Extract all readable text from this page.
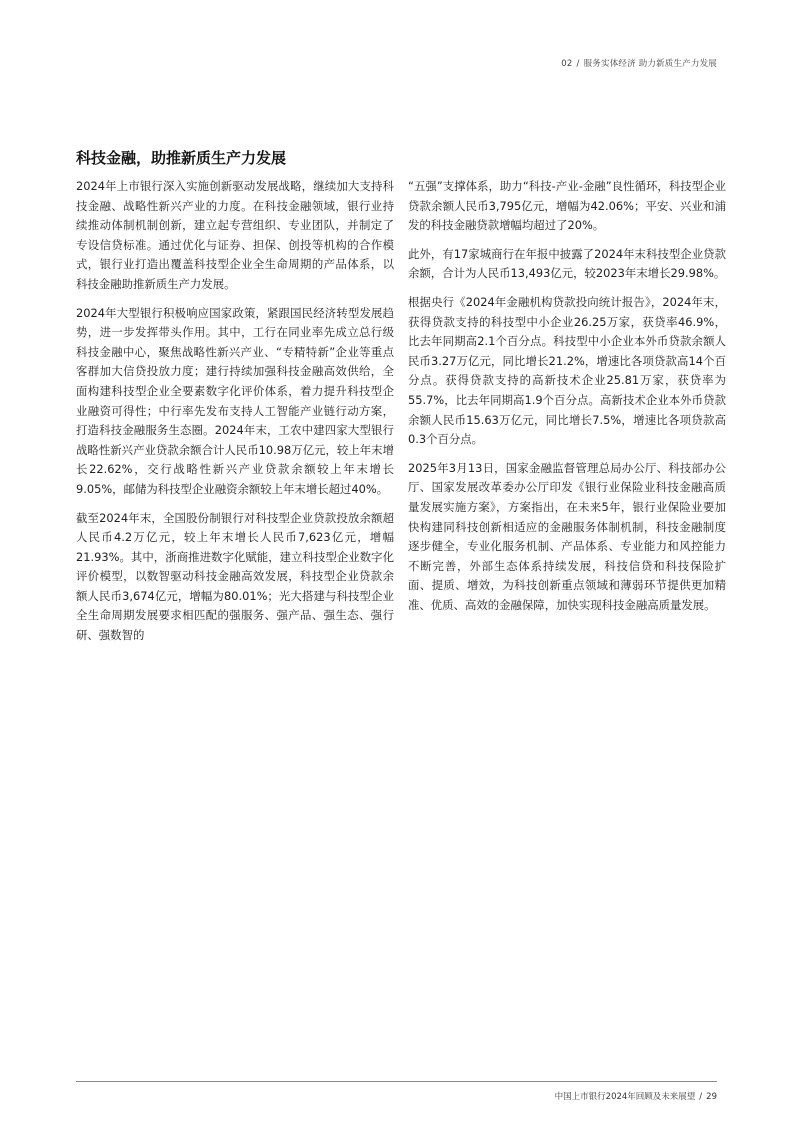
02 / 服务实体经济 助力新质生产力发展
科技金融，助推新质生产力发展

2024年上市银行深入实施创新驱动发展战略，继续加大支持科技金融、战略性新兴产业的力度。在科技金融领域，银行业持续推动体制机制创新，建立起专营组织、专业团队，并制定了专设信贷标准。通过优化与证券、担保、创投等机构的合作模式，银行业打造出覆盖科技型企业全生命周期的产品体系，以科技金融助推新质生产力发展。

2024年大型银行积极响应国家政策，紧跟国民经济转型发展趋势，进一步发挥带头作用。其中，工行在同业率先成立总行级科技金融中心，聚焦战略性新兴产业、“专精特新”企业等重点客群加大信贷投放力度；建行持续加强科技金融高效供给，全面构建科技型企业全要素数字化评价体系，着力提升科技型企业融资可得性；中行率先发布支持人工智能产业链行动方案，打造科技金融服务生态圈。2024年末，工农中建四家大型银行战略性新兴产业贷款余额合计人民币10.98万亿元，较上年末增长22.62%，交行战略性新兴产业贷款余额较上年末增长9.05%，邮储为科技型企业融资余额较上年末增长超过40%。

截至2024年末，全国股份制银行对科技型企业贷款投放余额超人民币4.2万亿元，较上年末增长人民币7,623亿元，增幅21.93%。其中，浙商推进数字化赋能，建立科技型企业数字化评价模型，以数智驱动科技金融高效发展，科技型企业贷款余额人民币3,674亿元，增幅为80.01%；光大搭建与科技型企业全生命周期发展要求相匹配的强服务、强产品、强生态、强行研、强数智的

“五强”支撑体系，助力“科技-产业-金融”良性循环，科技型企业贷款余额人民币3,795亿元，增幅为42.06%；平安、兴业和浦发的科技金融贷款增幅均超过了20%。

此外，有17家城商行在年报中披露了2024年末科技型企业贷款余额，合计为人民币13,493亿元，较2023年末增长29.98%。

根据央行《2024年金融机构贷款投向统计报告》，2024年末，获得贷款支持的科技型中小企业26.25万家，获贷率46.9%，比去年同期高2.1个百分点。科技型中小企业本外币贷款余额人民币3.27万亿元，同比增长21.2%，增速比各项贷款高14个百分点。获得贷款支持的高新技术企业25.81万家，获贷率为55.7%，比去年同期高1.9个百分点。高新技术企业本外币贷款余额人民币15.63万亿元，同比增长7.5%，增速比各项贷款高0.3个百分点。

2025年3月13日，国家金融监督管理总局办公厅、科技部办公厅、国家发展改革委办公厅印发《银行业保险业科技金融高质量发展实施方案》，方案指出，在未来5年，银行业保险业要加快构建同科技创新相适应的金融服务体制机制，科技金融制度逐步健全，专业化服务机制、产品体系、专业能力和风控能力不断完善，外部生态体系持续发展，科技信贷和科技保险扩面、提质、增效，为科技创新重点领域和薄弱环节提供更加精准、优质、高效的金融保障，加快实现科技金融高质量发展。

中国上市银行2024年回顾及未来展望 / 29
